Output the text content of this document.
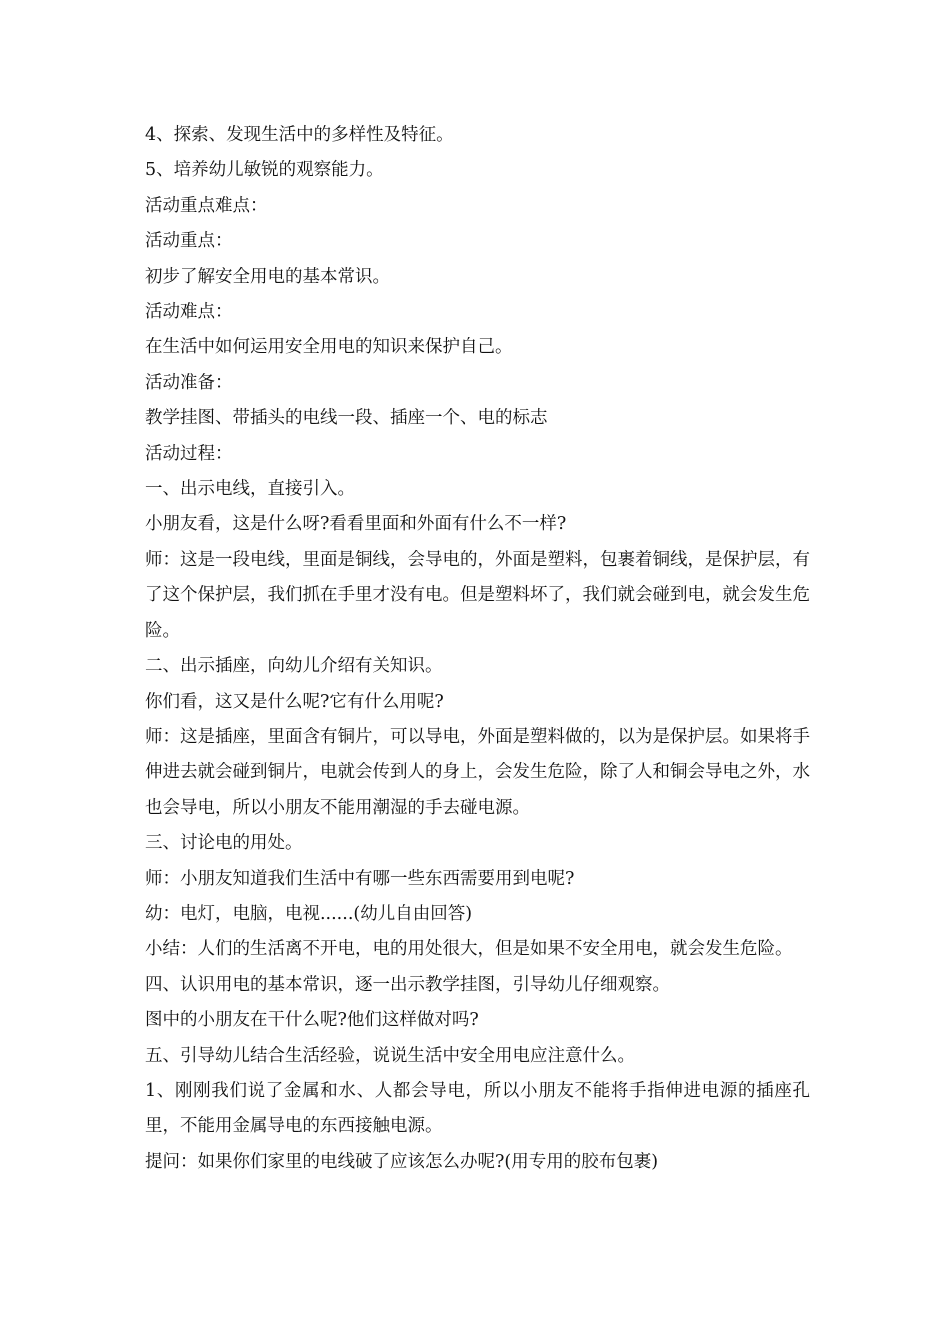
4、探索、发现生活中的多样性及特征。

5、培养幼儿敏锐的观察能力。

活动重点难点：

活动重点：

初步了解安全用电的基本常识。

活动难点：

在生活中如何运用安全用电的知识来保护自己。

活动准备：

教学挂图、带插头的电线一段、插座一个、电的标志

活动过程：

一、出示电线，直接引入。

小朋友看，这是什么呀?看看里面和外面有什么不一样?

师：这是一段电线，里面是铜线，会导电的，外面是塑料，包裹着铜线，是保护层，有了这个保护层，我们抓在手里才没有电。但是塑料坏了，我们就会碰到电，就会发生危险。

二、出示插座，向幼儿介绍有关知识。

你们看，这又是什么呢?它有什么用呢?

师：这是插座，里面含有铜片，可以导电，外面是塑料做的，以为是保护层。如果将手伸进去就会碰到铜片，电就会传到人的身上，会发生危险，除了人和铜会导电之外，水也会导电，所以小朋友不能用潮湿的手去碰电源。

三、讨论电的用处。

师：小朋友知道我们生活中有哪一些东西需要用到电呢?

幼：电灯，电脑，电视......(幼儿自由回答)

小结：人们的生活离不开电，电的用处很大，但是如果不安全用电，就会发生危险。

四、认识用电的基本常识，逐一出示教学挂图，引导幼儿仔细观察。

图中的小朋友在干什么呢?他们这样做对吗?

五、引导幼儿结合生活经验，说说生活中安全用电应注意什么。

1、刚刚我们说了金属和水、人都会导电，所以小朋友不能将手指伸进电源的插座孔里，不能用金属导电的东西接触电源。

提问：如果你们家里的电线破了应该怎么办呢?(用专用的胶布包裹)
